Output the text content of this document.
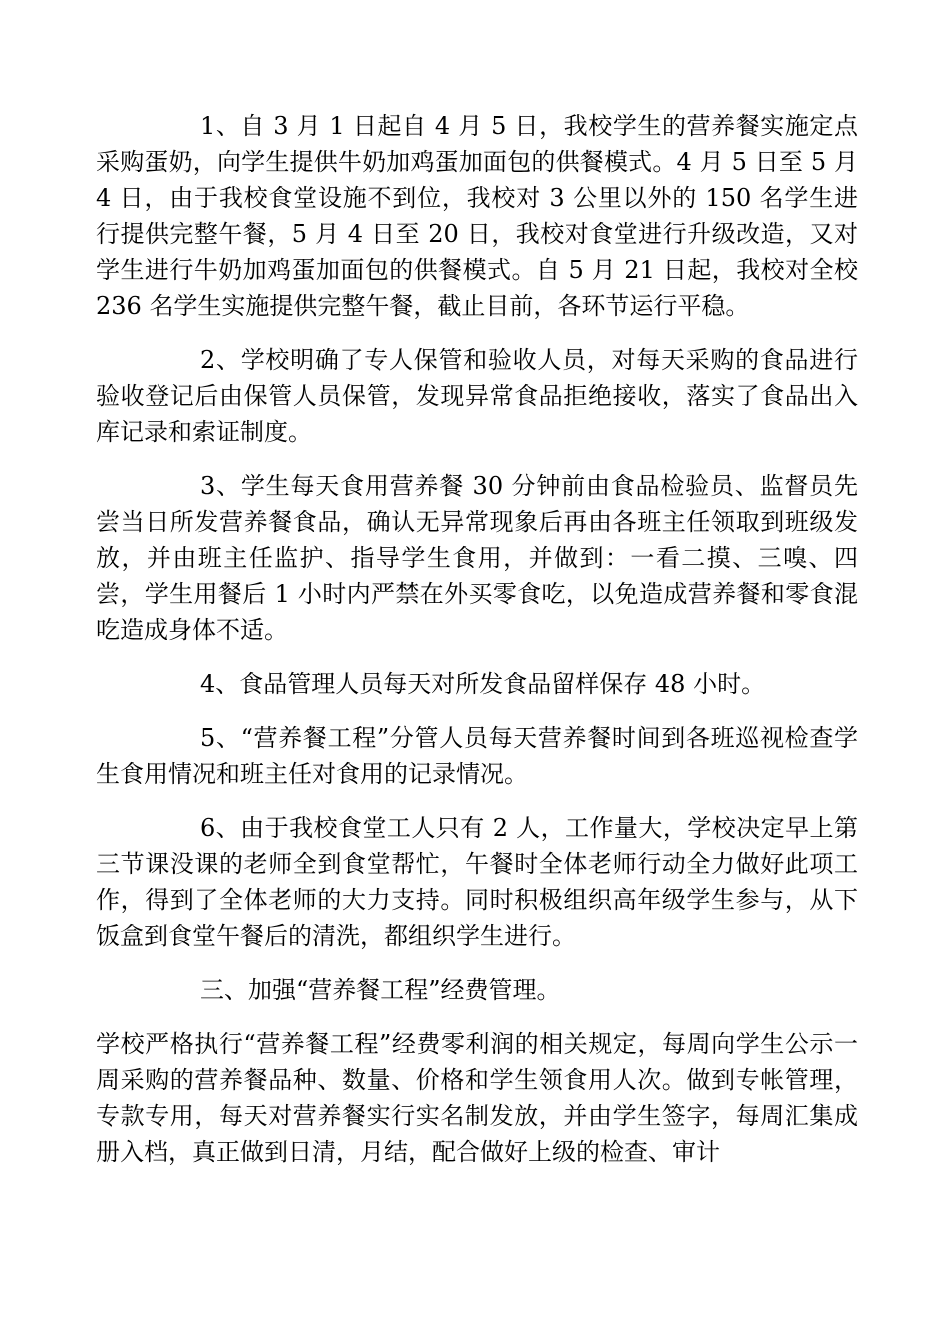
1、自 3 月 1 日起自 4 月 5 日，我校学生的营养餐实施定点采购蛋奶，向学生提供牛奶加鸡蛋加面包的供餐模式。4 月 5 日至 5 月 4 日，由于我校食堂设施不到位，我校对 3 公里以外的 150 名学生进行提供完整午餐，5 月 4 日至 20 日，我校对食堂进行升级改造，又对学生进行牛奶加鸡蛋加面包的供餐模式。自 5 月 21 日起，我校对全校 236 名学生实施提供完整午餐，截止目前，各环节运行平稳。

2、学校明确了专人保管和验收人员，对每天采购的食品进行验收登记后由保管人员保管，发现异常食品拒绝接收，落实了食品出入库记录和索证制度。

3、学生每天食用营养餐 30 分钟前由食品检验员、监督员先尝当日所发营养餐食品，确认无异常现象后再由各班主任领取到班级发放，并由班主任监护、指导学生食用，并做到：一看二摸、三嗅、四尝，学生用餐后 1 小时内严禁在外买零食吃，以免造成营养餐和零食混吃造成身体不适。

4、食品管理人员每天对所发食品留样保存 48 小时。

5、“营养餐工程”分管人员每天营养餐时间到各班巡视检查学生食用情况和班主任对食用的记录情况。

6、由于我校食堂工人只有 2 人，工作量大，学校决定早上第三节课没课的老师全到食堂帮忙，午餐时全体老师行动全力做好此项工作，得到了全体老师的大力支持。同时积极组织高年级学生参与，从下饭盒到食堂午餐后的清洗，都组织学生进行。

三、加强“营养餐工程”经费管理。

学校严格执行“营养餐工程”经费零利润的相关规定，每周向学生公示一周采购的营养餐品种、数量、价格和学生领食用人次。做到专帐管理，专款专用，每天对营养餐实行实名制发放，并由学生签字，每周汇集成册入档，真正做到日清，月结，配合做好上级的检查、审计
